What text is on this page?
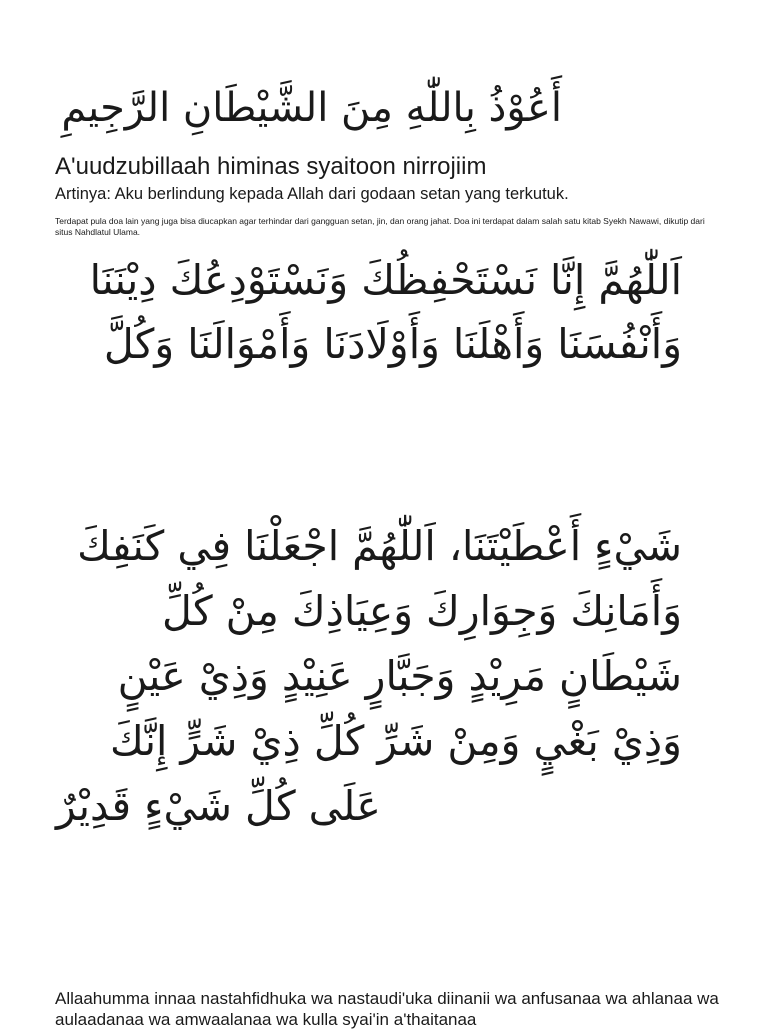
أَعُوْذُ بِاللّٰهِ مِنَ الشَّيْطَانِ الرَّجِيمِ
A'uudzubillaah himinas syaitoon nirrojiim
Artinya: Aku berlindung kepada Allah dari godaan setan yang terkutuk.
Terdapat pula doa lain yang juga bisa diucapkan agar terhindar dari gangguan setan, jin, dan orang jahat. Doa ini terdapat dalam salah satu kitab Syekh Nawawi, dikutip dari situs Nahdlatul Ulama.
اَللّٰهُمَّ إِنَّا نَسْتَحْفِظُكَ وَنَسْتَوْدِعُكَ دِيْنَنَا
وَأَنْفُسَنَا وَأَهْلَنَا وَأَوْلَادَنَا وَأَمْوَالَنَا وَكُلَّ
شَيْءٍ أَعْطَيْتَنَا، اَللّٰهُمَّ اجْعَلْنَا فِي كَنَفِكَ
وَأَمَانِكَ وَجِوَارِكَ وَعِيَاذِكَ مِنْ كُلِّ
شَيْطَانٍ مَرِيْدٍ وَجَبَّارٍ عَنِيْدٍ وَذِيْ عَيْنٍ
وَذِيْ بَغْيٍ وَمِنْ شَرِّ كُلِّ ذِيْ شَرٍّ إِنَّكَ
عَلَى كُلِّ شَيْءٍ قَدِيْرٌ
Allaahumma innaa nastahfidhuka wa nastaudi'uka diinanii wa anfusanaa wa ahlanaa wa aulaadanaa wa amwaalanaa wa kulla syai'in a'thaitanaa
